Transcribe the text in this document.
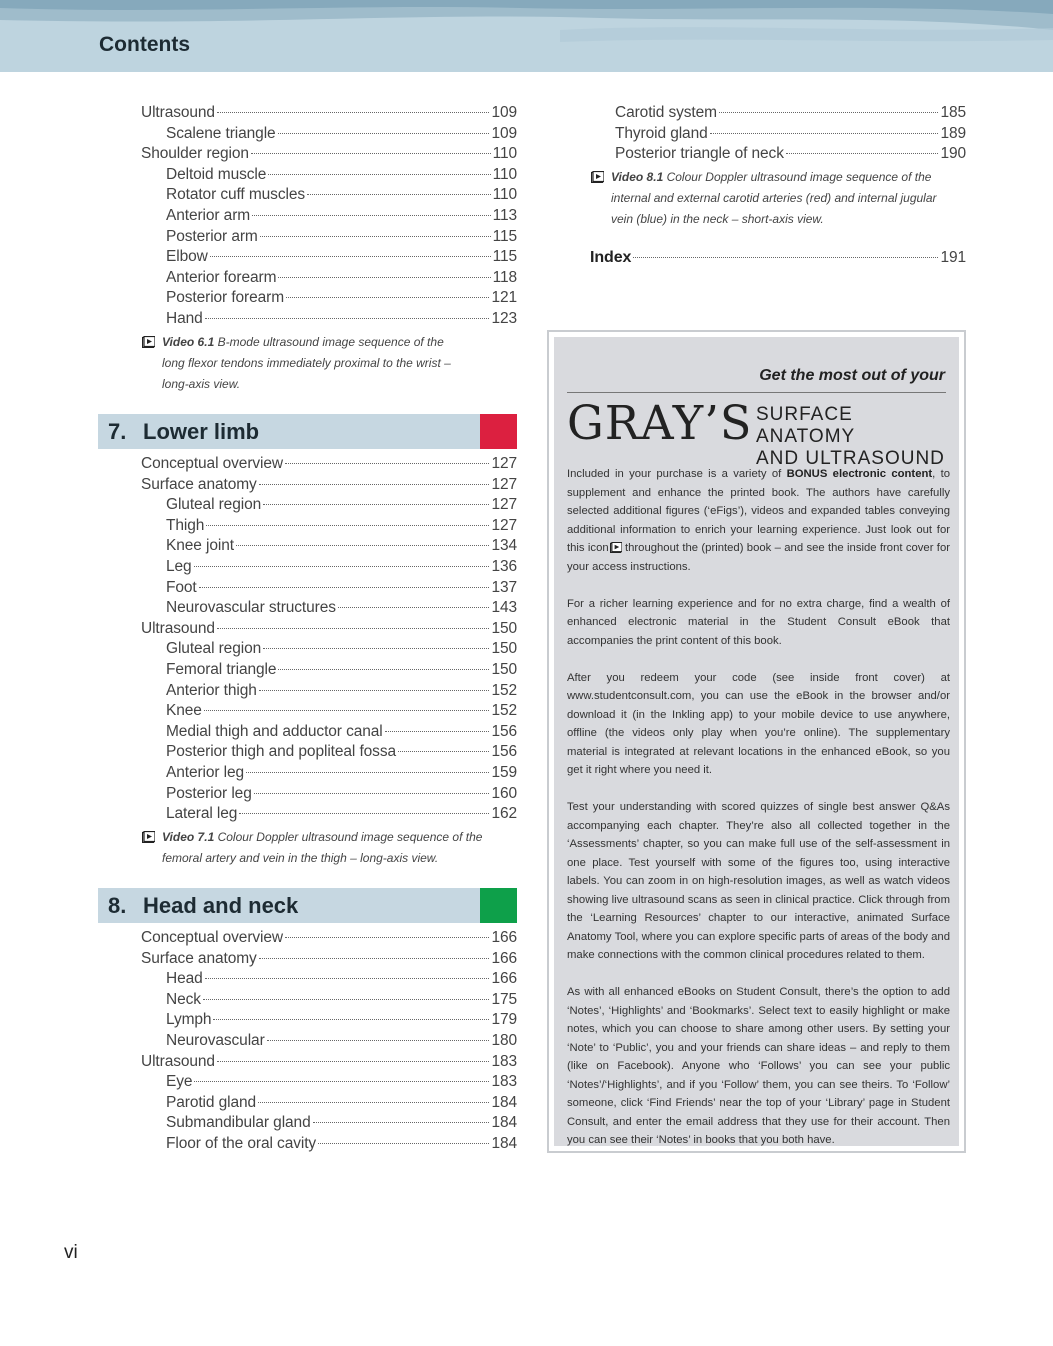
Contents
Ultrasound	109
Scalene triangle	109
Shoulder region	110
Deltoid muscle	110
Rotator cuff muscles	110
Anterior arm	113
Posterior arm	115
Elbow	115
Anterior forearm	118
Posterior forearm	121
Hand	123
Video 6.1 B-mode ultrasound image sequence of the
long flexor tendons immediately proximal to the wrist –
long-axis view.
7. Lower limb
Conceptual overview	127
Surface anatomy	127
Gluteal region	127
Thigh	127
Knee joint	134
Leg	136
Foot	137
Neurovascular structures	143
Ultrasound	150
Gluteal region	150
Femoral triangle	150
Anterior thigh	152
Knee	152
Medial thigh and adductor canal	156
Posterior thigh and popliteal fossa	156
Anterior leg	159
Posterior leg	160
Lateral leg	162
Video 7.1 Colour Doppler ultrasound image sequence of the
femoral artery and vein in the thigh – long-axis view.
8. Head and neck
Conceptual overview	166
Surface anatomy	166
Head	166
Neck	175
Lymph	179
Neurovascular	180
Ultrasound	183
Eye	183
Parotid gland	184
Submandibular gland	184
Floor of the oral cavity	184
Carotid system	185
Thyroid gland	189
Posterior triangle of neck	190
Video 8.1 Colour Doppler ultrasound image sequence of the
internal and external carotid arteries (red) and internal jugular
vein (blue) in the neck – short-axis view.
Index	191
Get the most out of your
GRAY’S SURFACE ANATOMY
AND ULTRASOUND

Included in your purchase is a variety of BONUS electronic content, to supplement and enhance the printed book. The authors have carefully selected additional figures (‘eFigs’), videos and expanded tables conveying additional information to enrich your learning experience. Just look out for this icon throughout the (printed) book – and see the inside front cover for your access instructions.

For a richer learning experience and for no extra charge, find a wealth of enhanced electronic material in the Student Consult eBook that accompanies the print content of this book.

After you redeem your code (see inside front cover) at www.studentconsult.com, you can use the eBook in the browser and/or download it (in the Inkling app) to your mobile device to use anywhere, offline (the videos only play when you’re online). The supplementary material is integrated at relevant locations in the enhanced eBook, so you get it right where you need it.

Test your understanding with scored quizzes of single best answer Q&As accompanying each chapter. They’re also all collected together in the ‘Assessments’ chapter, so you can make full use of the self-assessment in one place. Test yourself with some of the figures too, using interactive labels. You can zoom in on high-resolution images, as well as watch videos showing live ultrasound scans as seen in clinical practice. Click through from the ‘Learning Resources’ chapter to our interactive, animated Surface Anatomy Tool, where you can explore specific parts of areas of the body and make connections with the common clinical procedures related to them.

As with all enhanced eBooks on Student Consult, there’s the option to add ‘Notes’, ‘Highlights’ and ‘Bookmarks’. Select text to easily highlight or make notes, which you can choose to share among other users. By setting your ‘Note’ to ‘Public’, you and your friends can share ideas – and reply to them (like on Facebook). Anyone who ‘Follows’ you can see your public ‘Notes’/‘Highlights’, and if you ‘Follow’ them, you can see theirs. To ‘Follow’ someone, click ‘Find Friends’ near the top of your ‘Library’ page in Student Consult, and enter the email address that they use for their account. Then you can see their ‘Notes’ in books that you both have.

vi
